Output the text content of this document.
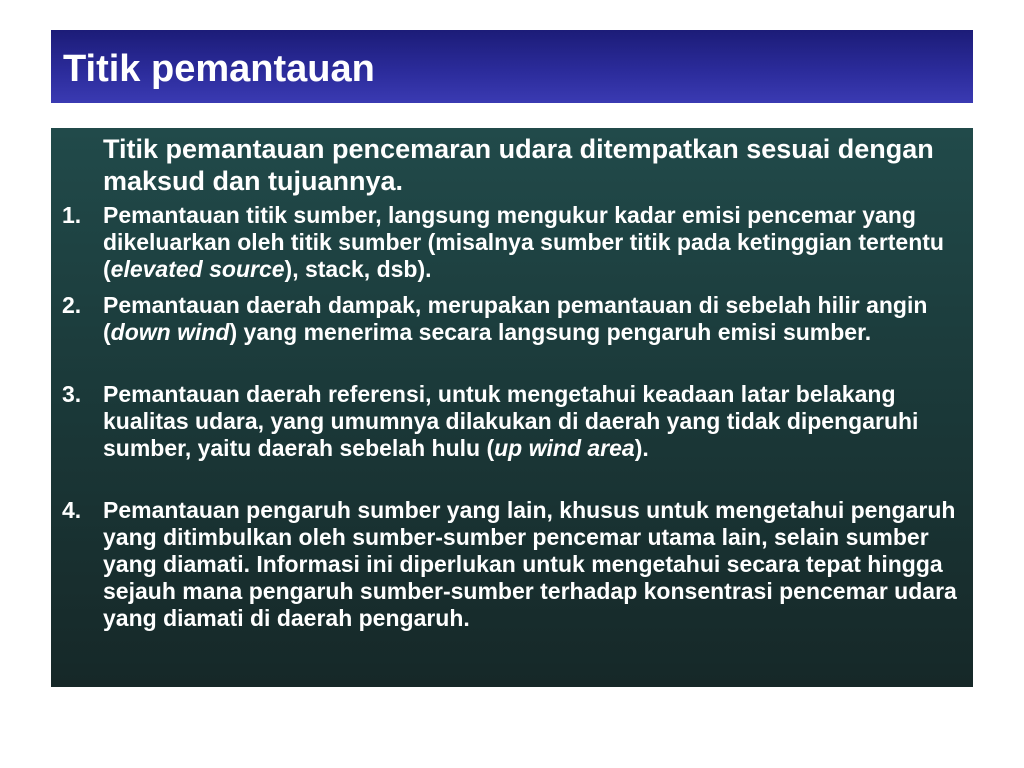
Titik pemantauan

Titik pemantauan pencemaran udara ditempatkan sesuai dengan maksud dan tujuannya.

1. Pemantauan titik sumber, langsung mengukur kadar emisi pencemar yang dikeluarkan oleh titik sumber (misalnya sumber titik pada ketinggian tertentu (elevated source), stack, dsb).
2. Pemantauan daerah dampak, merupakan pemantauan di sebelah hilir angin (down wind) yang menerima secara langsung pengaruh emisi sumber.
3. Pemantauan daerah referensi, untuk mengetahui keadaan latar belakang kualitas udara, yang umumnya dilakukan di daerah yang tidak dipengaruhi sumber, yaitu daerah sebelah hulu (up wind area).
4. Pemantauan pengaruh sumber yang lain, khusus untuk mengetahui pengaruh yang ditimbulkan oleh sumber-sumber pencemar utama lain, selain sumber yang diamati. Informasi ini diperlukan untuk mengetahui secara tepat hingga sejauh mana pengaruh sumber-sumber terhadap konsentrasi pencemar udara yang diamati di daerah pengaruh.
